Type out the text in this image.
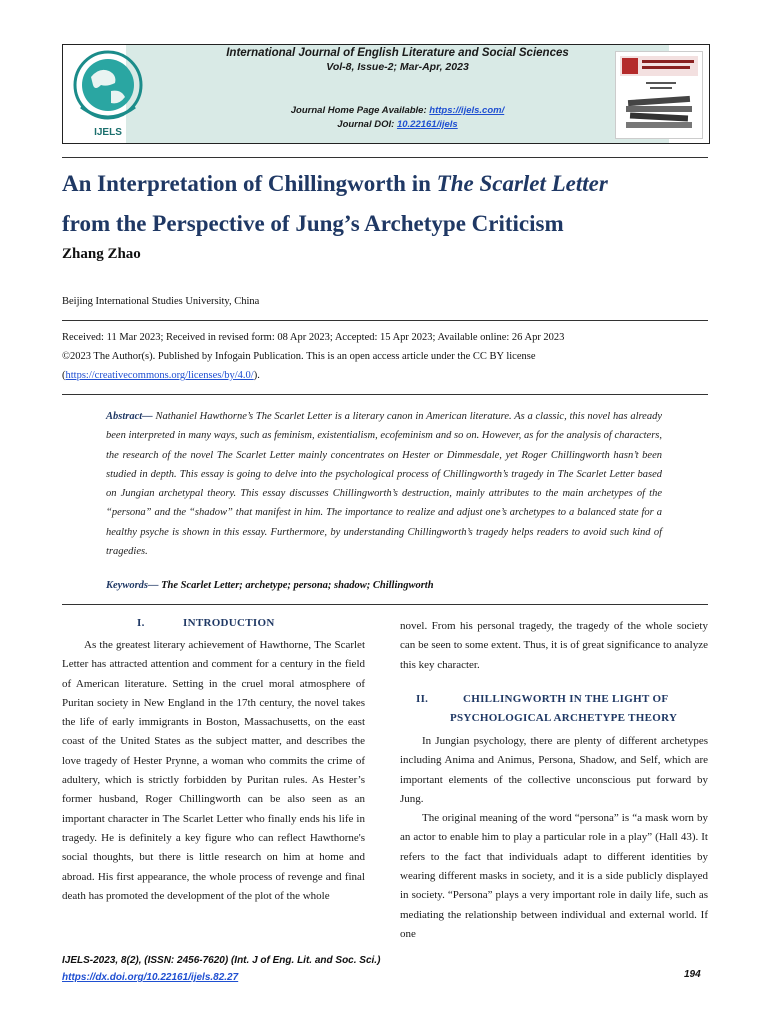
IJELS
International Journal of English Literature and Social Sciences
Vol-8, Issue-2; Mar-Apr, 2023
Journal Home Page Available: https://ijels.com/
Journal DOI: 10.22161/ijels
An Interpretation of Chillingworth in The Scarlet Letter
from the Perspective of Jung’s Archetype Criticism
Zhang Zhao
Beijing International Studies University, China
Received: 11 Mar 2023; Received in revised form: 08 Apr 2023; Accepted: 15 Apr 2023; Available online: 26 Apr 2023
©2023 The Author(s). Published by Infogain Publication. This is an open access article under the CC BY license
(https://creativecommons.org/licenses/by/4.0/).
Abstract— Nathaniel Hawthorne’s The Scarlet Letter is a literary canon in American literature. As a classic, this novel has already been interpreted in many ways, such as feminism, existentialism, ecofeminism and so on. However, as for the analysis of characters, the research of the novel The Scarlet Letter mainly concentrates on Hester or Dimmesdale, yet Roger Chillingworth hasn’t been studied in depth. This essay is going to delve into the psychological process of Chillingworth’s tragedy in The Scarlet Letter based on Jungian archetypal theory. This essay discusses Chillingworth’s destruction, mainly attributes to the main archetypes of the “persona” and the “shadow” that manifest in him. The importance to realize and adjust one’s archetypes to a balanced state for a healthy psyche is shown in this essay. Furthermore, by understanding Chillingworth’s tragedy helps readers to avoid such kind of tragedies.
Keywords— The Scarlet Letter; archetype; persona; shadow; Chillingworth
I.	INTRODUCTION

As the greatest literary achievement of Hawthorne, The Scarlet Letter has attracted attention and comment for a century in the field of American literature. Setting in the cruel moral atmosphere of Puritan society in New England in the 17th century, the novel takes the life of early immigrants in Boston, Massachusetts, on the east coast of the United States as the subject matter, and describes the love tragedy of Hester Prynne, a woman who commits the crime of adultery, which is strictly forbidden by Puritan rules. As Hester’s former husband, Roger Chillingworth can be also seen as an important character in The Scarlet Letter who finally ends his life in tragedy. He is definitely a key figure who can reflect Hawthorne's social thoughts, but there is little research on him at home and abroad. His first appearance, the whole process of revenge and final death has promoted the development of the plot of the whole

novel. From his personal tragedy, the tragedy of the whole society can be seen to some extent. Thus, it is of great significance to analyze this key character.

II.	CHILLINGWORTH IN THE LIGHT OF
PSYCHOLOGICAL ARCHETYPE THEORY

In Jungian psychology, there are plenty of different archetypes including Anima and Animus, Persona, Shadow, and Self, which are important elements of the collective unconscious put forward by Jung.

The original meaning of the word “persona” is “a mask worn by an actor to enable him to play a particular role in a play” (Hall 43). It refers to the fact that individuals adapt to different identities by wearing different masks in society, and it is a side publicly displayed in society. “Persona” plays a very important role in daily life, such as mediating the relationship between individual and external world. If one

IJELS-2023, 8(2), (ISSN: 2456-7620) (Int. J of Eng. Lit. and Soc. Sci.)
https://dx.doi.org/10.22161/ijels.82.27	194
